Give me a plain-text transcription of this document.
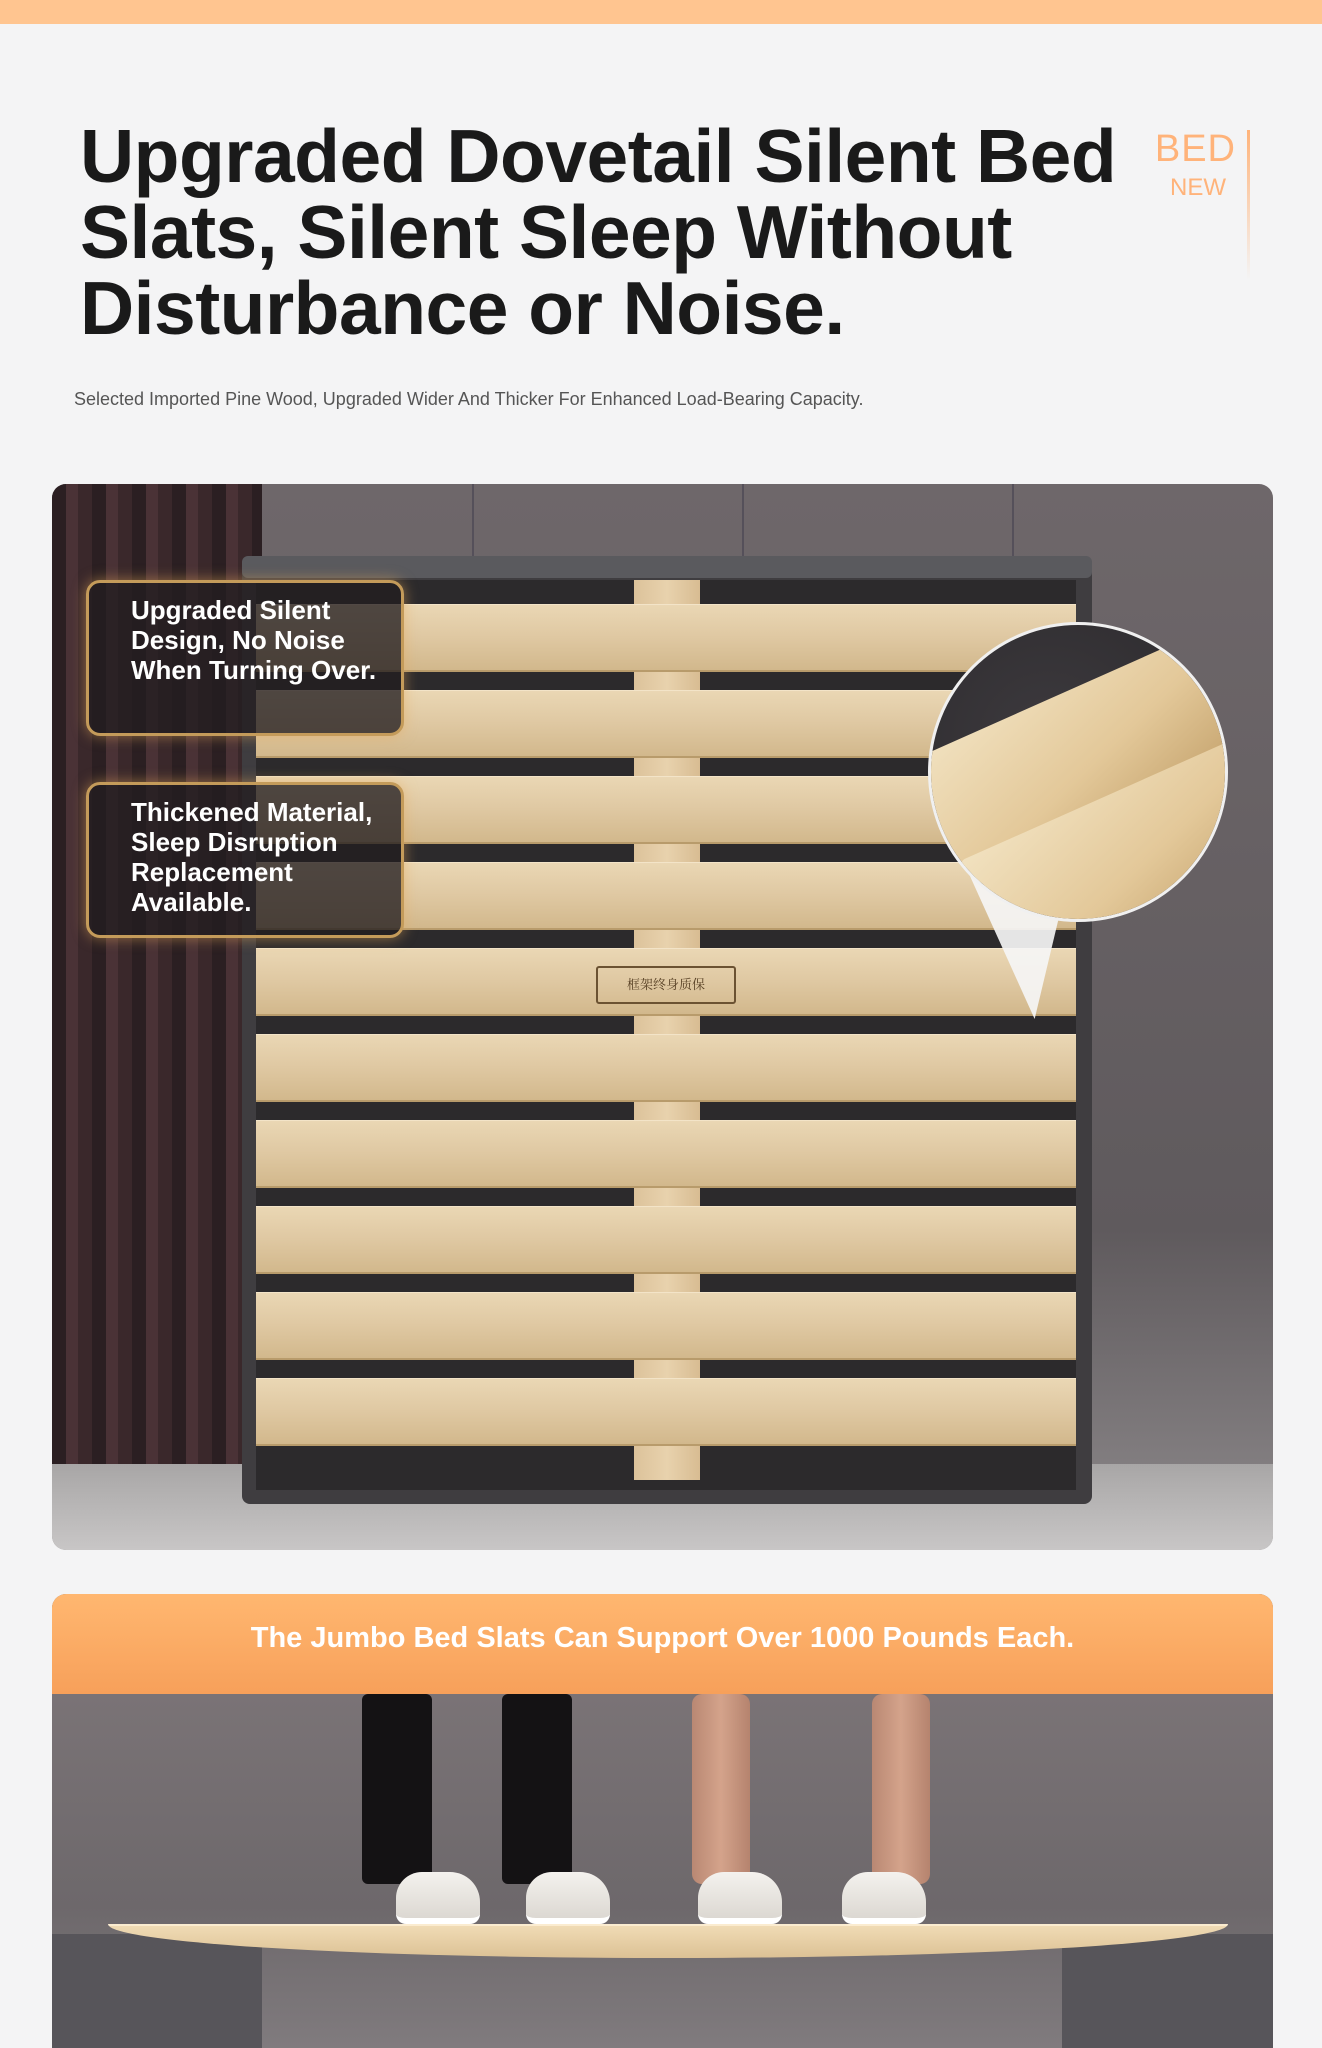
Upgraded Dovetail Silent Bed Slats, Silent Sleep Without Disturbance or Noise.
BED
NEW

Selected Imported Pine Wood, Upgraded Wider And Thicker For Enhanced Load-Bearing Capacity.

框架终身质保
Upgraded Silent Design, No Noise When Turning Over.
Thickened Material, Sleep Disruption Replacement Available.
The Jumbo Bed Slats Can Support Over 1000 Pounds Each.
